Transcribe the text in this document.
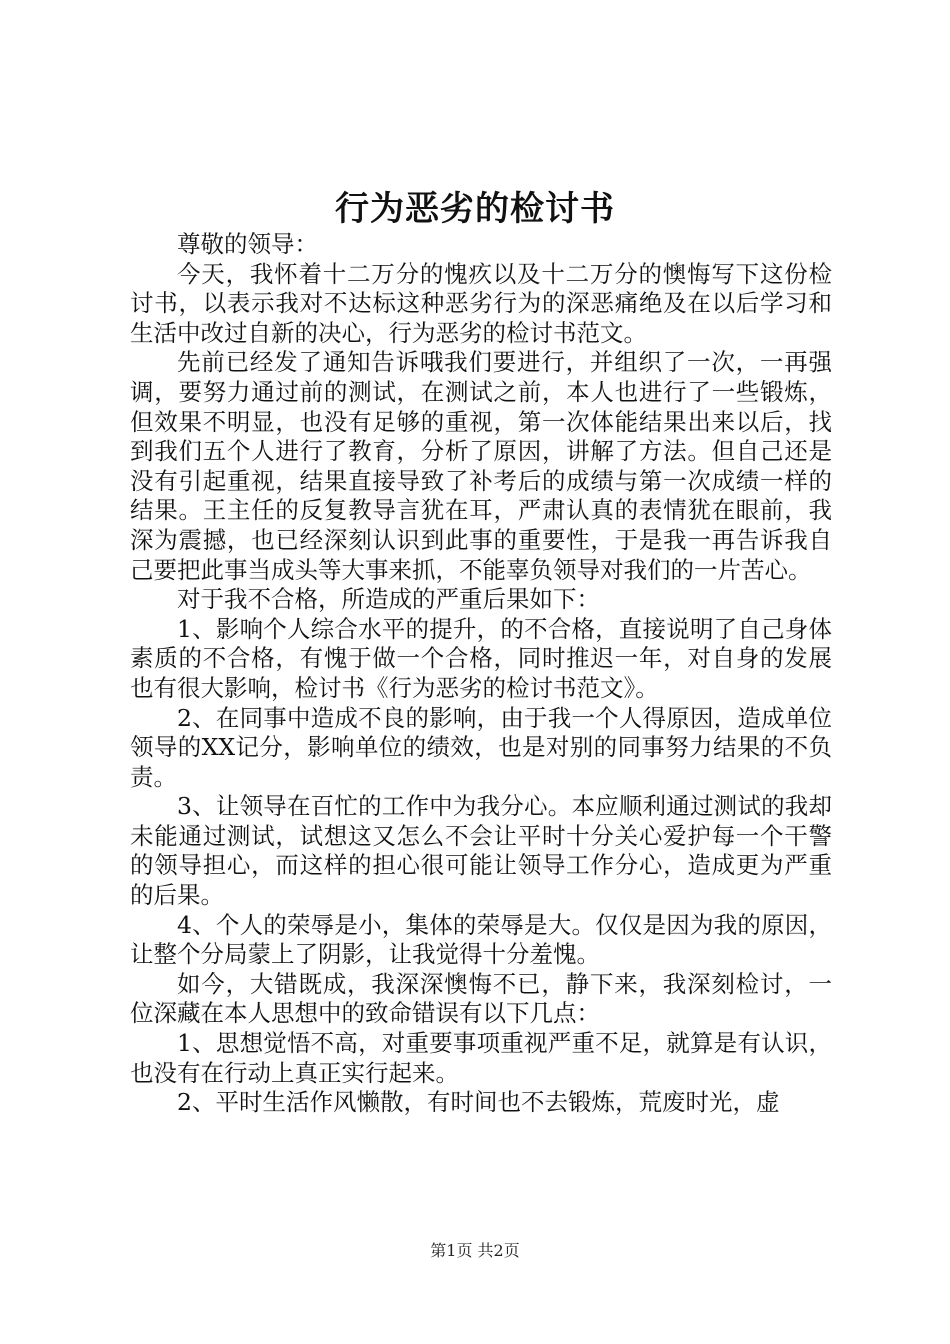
行为恶劣的检讨书

尊敬的领导：

今天，我怀着十二万分的愧疚以及十二万分的懊悔写下这份检讨书，以表示我对不达标这种恶劣行为的深恶痛绝及在以后学习和生活中改过自新的决心，行为恶劣的检讨书范文。

先前已经发了通知告诉哦我们要进行，并组织了一次，一再强调，要努力通过前的测试，在测试之前，本人也进行了一些锻炼，但效果不明显，也没有足够的重视，第一次体能结果出来以后，找到我们五个人进行了教育，分析了原因，讲解了方法。但自己还是没有引起重视，结果直接导致了补考后的成绩与第一次成绩一样的结果。王主任的反复教导言犹在耳，严肃认真的表情犹在眼前，我深为震撼，也已经深刻认识到此事的重要性，于是我一再告诉我自己要把此事当成头等大事来抓，不能辜负领导对我们的一片苦心。

对于我不合格，所造成的严重后果如下：

1、影响个人综合水平的提升，的不合格，直接说明了自己身体素质的不合格，有愧于做一个合格，同时推迟一年，对自身的发展也有很大影响，检讨书《行为恶劣的检讨书范文》。

2、在同事中造成不良的影响，由于我一个人得原因，造成单位领导的XX记分，影响单位的绩效，也是对别的同事努力结果的不负责。

3、让领导在百忙的工作中为我分心。本应顺利通过测试的我却未能通过测试，试想这又怎么不会让平时十分关心爱护每一个干警的领导担心，而这样的担心很可能让领导工作分心，造成更为严重的后果。

4、个人的荣辱是小，集体的荣辱是大。仅仅是因为我的原因，让整个分局蒙上了阴影，让我觉得十分羞愧。

如今，大错既成，我深深懊悔不已，静下来，我深刻检讨，一位深藏在本人思想中的致命错误有以下几点：

1、思想觉悟不高，对重要事项重视严重不足，就算是有认识，也没有在行动上真正实行起来。

2、平时生活作风懒散，有时间也不去锻炼，荒废时光，虚

第1页 共2页
